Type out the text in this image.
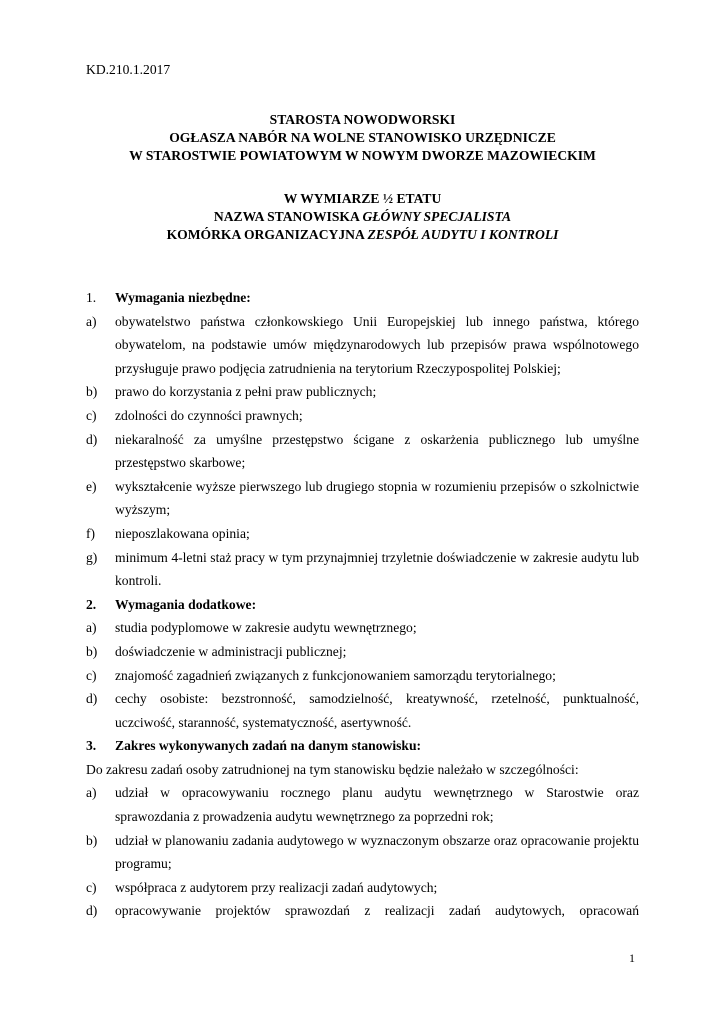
KD.210.1.2017
STAROSTA NOWODWORSKI
OGŁASZA NABÓR NA WOLNE STANOWISKO URZĘDNICZE
W STAROSTWIE POWIATOWYM W NOWYM DWORZE MAZOWIECKIM
W WYMIARZE ½ ETATU
NAZWA STANOWISKA GŁÓWNY SPECJALISTA
KOMÓRKA ORGANIZACYJNA ZESPÓŁ AUDYTU I KONTROLI
1.	Wymagania niezbędne:
a)	obywatelstwo państwa członkowskiego Unii Europejskiej lub innego państwa, którego obywatelom, na podstawie umów międzynarodowych lub przepisów prawa wspólnotowego przysługuje prawo podjęcia zatrudnienia na terytorium Rzeczypospolitej Polskiej;
b)	prawo do korzystania z pełni praw publicznych;
c)	zdolności do czynności prawnych;
d)	niekaralność za umyślne przestępstwo ścigane z oskarżenia publicznego lub umyślne przestępstwo skarbowe;
e)	wykształcenie wyższe pierwszego lub drugiego stopnia w rozumieniu przepisów o szkolnictwie wyższym;
f)	nieposzlakowana opinia;
g)	minimum 4-letni staż pracy w tym przynajmniej trzyletnie doświadczenie w zakresie audytu lub kontroli.
2.	Wymagania dodatkowe:
a)	studia podyplomowe w zakresie audytu wewnętrznego;
b)	doświadczenie w administracji publicznej;
c)	znajomość zagadnień związanych z funkcjonowaniem samorządu terytorialnego;
d)	cechy osobiste: bezstronność, samodzielność, kreatywność, rzetelność, punktualność, uczciwość, staranność, systematyczność, asertywność.
3.	Zakres wykonywanych zadań na danym stanowisku:
Do zakresu zadań osoby zatrudnionej na tym stanowisku będzie należało w szczególności:
a)	udział w opracowywaniu rocznego planu audytu wewnętrznego w Starostwie oraz sprawozdania z prowadzenia audytu wewnętrznego za poprzedni rok;
b)	udział w planowaniu zadania audytowego w wyznaczonym obszarze oraz opracowanie projektu programu;
c)	współpraca z audytorem przy realizacji zadań audytowych;
d)	opracowywanie projektów sprawozdań z realizacji zadań audytowych, opracowań
1
